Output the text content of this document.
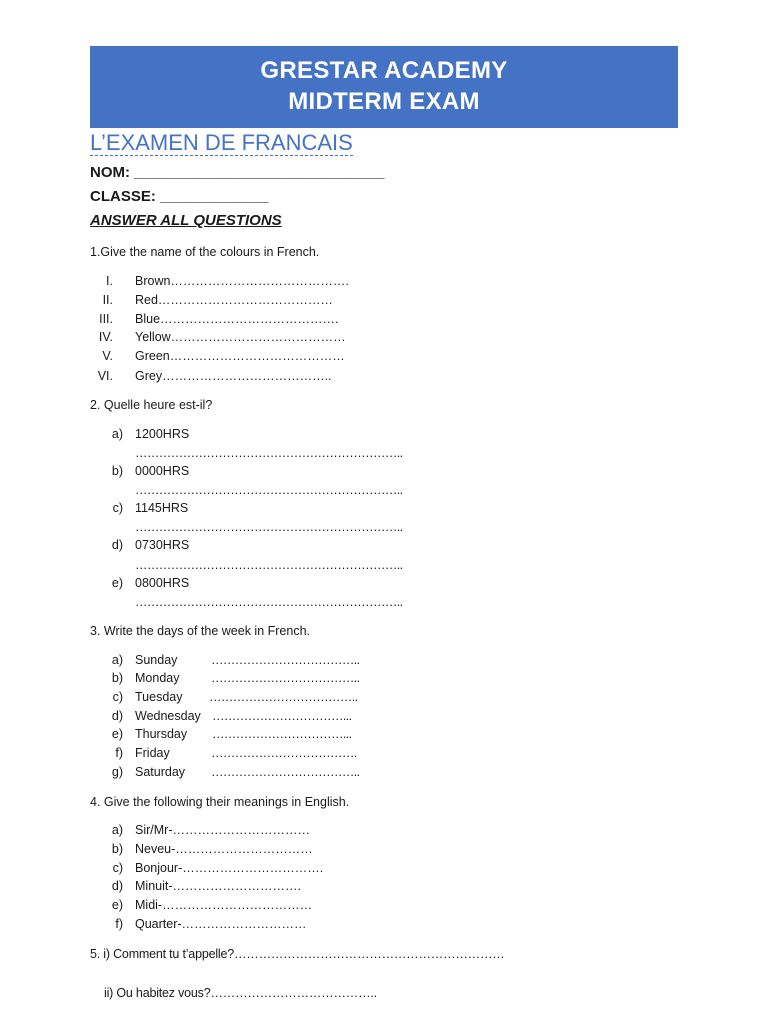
GRESTAR ACADEMY
MIDTERM EXAM
L’EXAMEN DE FRANCAIS
NOM: ______________________________
CLASSE: _____________
ANSWER ALL QUESTIONS
1.Give the name of the colours in French.
I. Brown…………………………………….
II. Red……………………………………
III. Blue…………………………………….
IV. Yellow……………………………………
V. Green……………………………………
VI. Grey…………………………………..
2. Quelle heure est-il?
a) 1200HRS
…………………………………………………………..
b) 0000HRS
…………………………………………………………..
c) 1145HRS
…………………………………………………………..
d) 0730HRS
…………………………………………………………..
e) 0800HRS
…………………………………………………………..
3. Write the days of the week in French.
a) Sunday	………………………………..
b) Monday	………………………………..
c) Tuesday ………………………………..
d) Wednesday ……………………………...
e) Thursday ……………………………...
f) Friday	……………………………….
g) Saturday ………………………………..
4. Give the following their meanings in English.
a) Sir/Mr-……………………………
b) Neveu-……………………………
c) Bonjour-…………………………….
d) Minuit-………………………….
e) Midi-………………………………
f) Quarter-…………………………
5. i) Comment tu t’appelle?…………………………………………………………
ii) Ou habitez vous?…………………………………..
